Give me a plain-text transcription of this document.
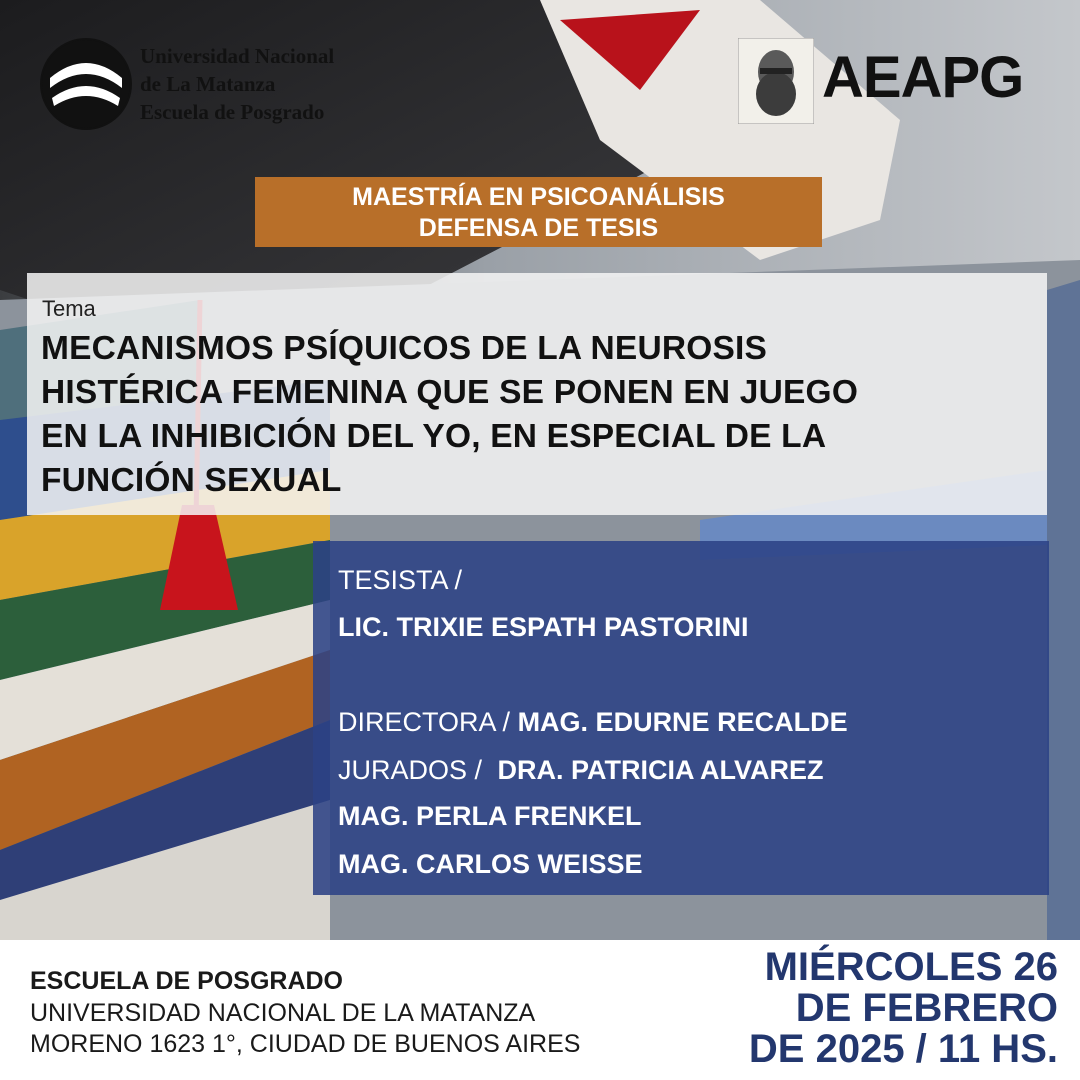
Universidad Nacional
de La Matanza
Escuela de Posgrado
AEAPG
MAESTRÍA EN PSICOANÁLISIS
DEFENSA DE TESIS
Tema
MECANISMOS PSÍQUICOS DE LA NEUROSIS
HISTÉRICA FEMENINA QUE SE PONEN EN JUEGO
EN LA INHIBICIÓN DEL YO, EN ESPECIAL DE LA
FUNCIÓN SEXUAL
TESISTA /
LIC. TRIXIE ESPATH PASTORINI
DIRECTORA / MAG. EDURNE RECALDE
JURADOS / DRA. PATRICIA ALVAREZ
MAG. PERLA FRENKEL
MAG. CARLOS WEISSE
ESCUELA DE POSGRADO
UNIVERSIDAD NACIONAL DE LA MATANZA
MORENO 1623 1°, CIUDAD DE BUENOS AIRES
MIÉRCOLES 26
DE FEBRERO
DE 2025 / 11 HS.
